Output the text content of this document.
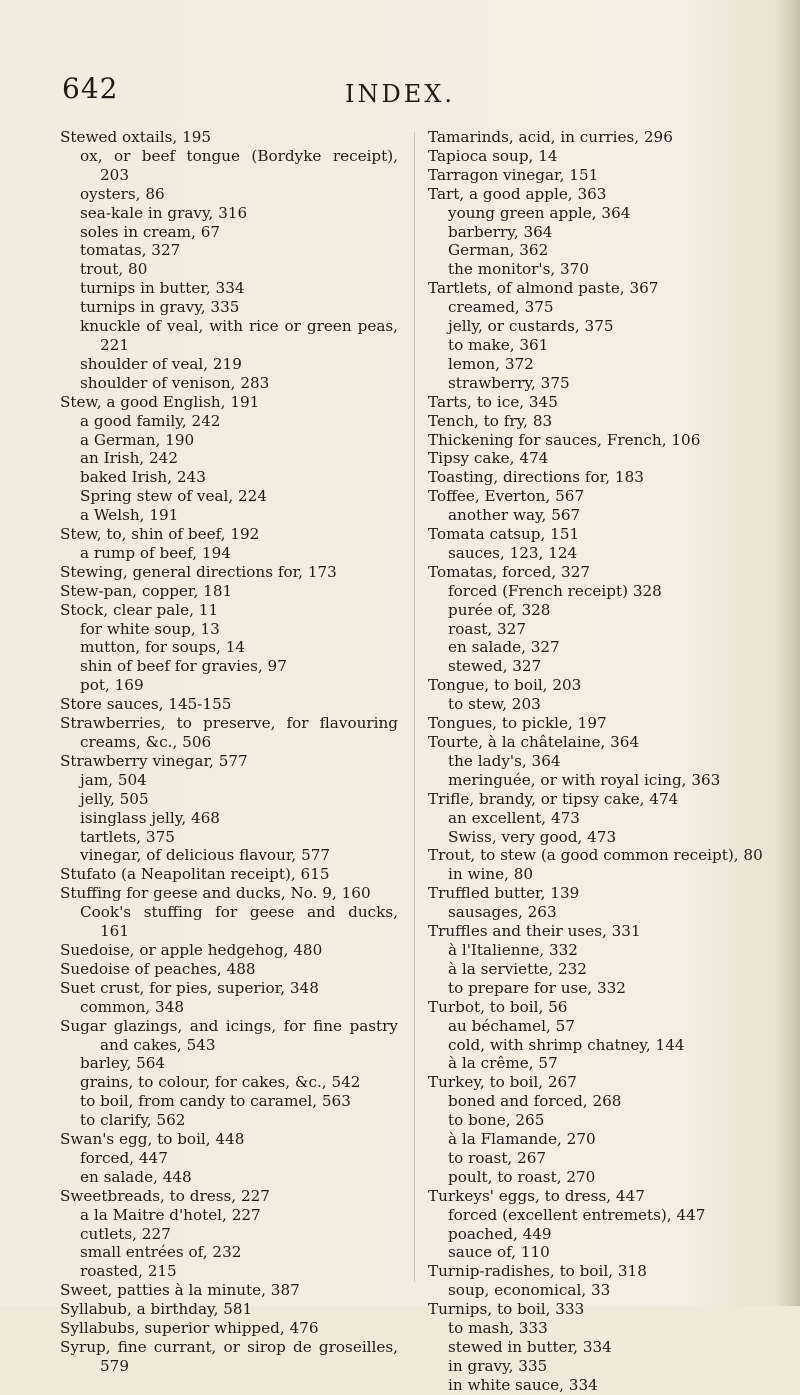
642	INDEX.
Stewed oxtails, 195
ox, or beef tongue (Bordyke receipt),
203
oysters, 86
sea-kale in gravy, 316
soles in cream, 67
tomatas, 327
trout, 80
turnips in butter, 334
turnips in gravy, 335
knuckle of veal, with rice or green peas,
221
shoulder of veal, 219
shoulder of venison, 283
Stew, a good English, 191
a good family, 242
a German, 190
an Irish, 242
baked Irish, 243
Spring stew of veal, 224
a Welsh, 191
Stew, to, shin of beef, 192
a rump of beef, 194
Stewing, general directions for, 173
Stew-pan, copper, 181
Stock, clear pale, 11
for white soup, 13
mutton, for soups, 14
shin of beef for gravies, 97
pot, 169
Store sauces, 145-155
Strawberries, to preserve, for flavouring
creams, &c., 506
Strawberry vinegar, 577
jam, 504
jelly, 505
isinglass jelly, 468
tartlets, 375
vinegar, of delicious flavour, 577
Stufato (a Neapolitan receipt), 615
Stuffing for geese and ducks, No. 9, 160
Cook's stuffing for geese and ducks,
161
Suedoise, or apple hedgehog, 480
Suedoise of peaches, 488
Suet crust, for pies, superior, 348
common, 348
Sugar glazings, and icings, for fine pastry
and cakes, 543
barley, 564
grains, to colour, for cakes, &c., 542
to boil, from candy to caramel, 563
to clarify, 562
Swan's egg, to boil, 448
forced, 447
en salade, 448
Sweetbreads, to dress, 227
a la Maitre d'hotel, 227
cutlets, 227
small entrées of, 232
roasted, 215
Sweet, patties à la minute, 387
Syllabub, a birthday, 581
Syllabubs, superior whipped, 476
Syrup, fine currant, or sirop de groseilles,
579
Tamarinds, acid, in curries, 296
Tapioca soup, 14
Tarragon vinegar, 151
Tart, a good apple, 363
young green apple, 364
barberry, 364
German, 362
the monitor's, 370
Tartlets, of almond paste, 367
creamed, 375
jelly, or custards, 375
to make, 361
lemon, 372
strawberry, 375
Tarts, to ice, 345
Tench, to fry, 83
Thickening for sauces, French, 106
Tipsy cake, 474
Toasting, directions for, 183
Toffee, Everton, 567
another way, 567
Tomata catsup, 151
sauces, 123, 124
Tomatas, forced, 327
forced (French receipt) 328
purée of, 328
roast, 327
en salade, 327
stewed, 327
Tongue, to boil, 203
to stew, 203
Tongues, to pickle, 197
Tourte, à la châtelaine, 364
the lady's, 364
meringuée, or with royal icing, 363
Trifle, brandy, or tipsy cake, 474
an excellent, 473
Swiss, very good, 473
Trout, to stew (a good common receipt), 80
in wine, 80
Truffled butter, 139
sausages, 263
Truffles and their uses, 331
à l'Italienne, 332
à la serviette, 232
to prepare for use, 332
Turbot, to boil, 56
au béchamel, 57
cold, with shrimp chatney, 144
à la crême, 57
Turkey, to boil, 267
boned and forced, 268
to bone, 265
à la Flamande, 270
to roast, 267
poult, to roast, 270
Turkeys' eggs, to dress, 447
forced (excellent entremets), 447
poached, 449
sauce of, 110
Turnip-radishes, to boil, 318
soup, economical, 33
Turnips, to boil, 333
to mash, 333
stewed in butter, 334
in gravy, 335
in white sauce, 334
